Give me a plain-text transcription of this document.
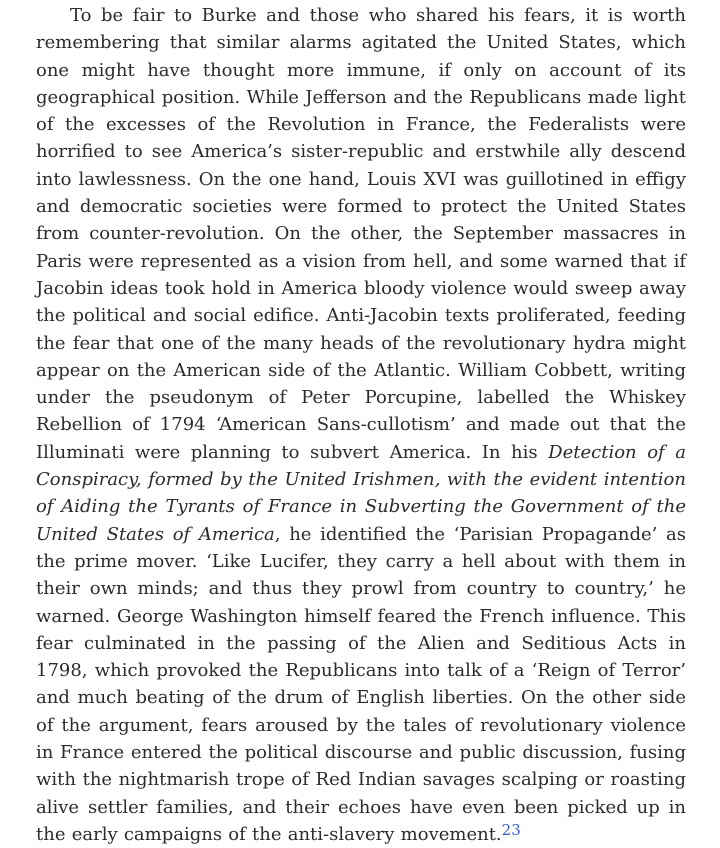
To be fair to Burke and those who shared his fears, it is worth remembering that similar alarms agitated the United States, which one might have thought more immune, if only on account of its geographical position. While Jefferson and the Republicans made light of the excesses of the Revolution in France, the Federalists were horrified to see America’s sister-republic and erstwhile ally descend into lawlessness. On the one hand, Louis XVI was guillotined in effigy and democratic societies were formed to protect the United States from counter-revolution. On the other, the September massacres in Paris were represented as a vision from hell, and some warned that if Jacobin ideas took hold in America bloody violence would sweep away the political and social edifice. Anti-Jacobin texts proliferated, feeding the fear that one of the many heads of the revolutionary hydra might appear on the American side of the Atlantic. William Cobbett, writing under the pseudonym of Peter Porcupine, labelled the Whiskey Rebellion of 1794 ‘American Sans-cullotism’ and made out that the Illuminati were planning to subvert America. In his Detection of a Conspiracy, formed by the United Irishmen, with the evident intention of Aiding the Tyrants of France in Subverting the Government of the United States of America, he identified the ‘Parisian Propagande’ as the prime mover. ‘Like Lucifer, they carry a hell about with them in their own minds; and thus they prowl from country to country,’ he warned. George Washington himself feared the French influence. This fear culminated in the passing of the Alien and Seditious Acts in 1798, which provoked the Republicans into talk of a ‘Reign of Terror’ and much beating of the drum of English liberties. On the other side of the argument, fears aroused by the tales of revolutionary violence in France entered the political discourse and public discussion, fusing with the nightmarish trope of Red Indian savages scalping or roasting alive settler families, and their echoes have even been picked up in the early campaigns of the anti-slavery movement.$^{23}$
